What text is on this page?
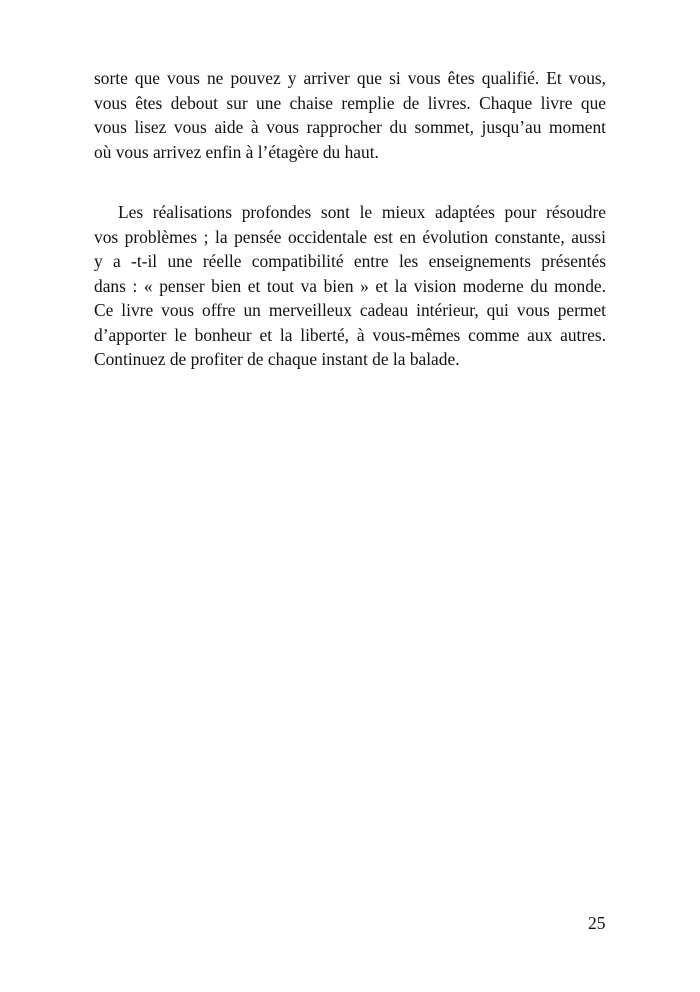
sorte que vous ne pouvez y arriver que si vous êtes qualifié. Et vous,
vous êtes debout sur une chaise remplie de livres. Chaque livre que
vous lisez vous aide à vous rapprocher du sommet, jusqu’au moment
où vous arrivez enfin à l’étagère du haut.
Les réalisations profondes sont le mieux adaptées pour résoudre
vos problèmes ; la pensée occidentale est en évolution constante, aussi
y a -t-il une réelle compatibilité entre les enseignements présentés
dans : « penser bien et tout va bien » et la vision moderne du monde.
Ce livre vous offre un merveilleux cadeau intérieur, qui vous permet
d’apporter le bonheur et la liberté, à vous-mêmes comme aux autres.
Continuez de profiter de chaque instant de la balade.
25
